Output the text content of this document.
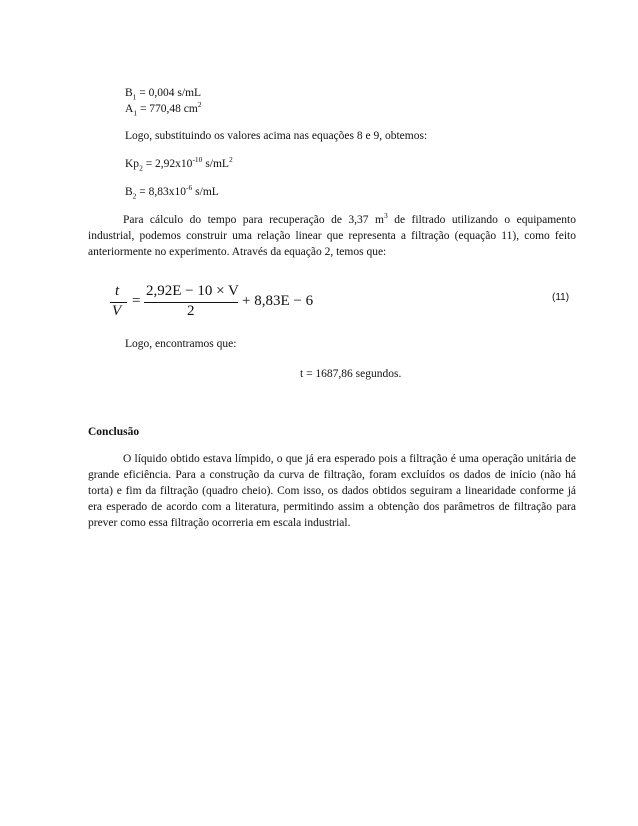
$B_1 = 0,004$ s/mL
$A_1 = 770,48$ $cm^2$
Logo, substituindo os valores acima nas equações 8 e 9, obtemos:
$Kp_2 = 2,92x10^{-10}$ $s/mL^2$
$B_2 = 8,83x10^{-6}$ s/mL
Para cálculo do tempo para recuperação de 3,37 $m^3$ de filtrado utilizando o equipamento industrial, podemos construir uma relação linear que representa a filtração (equação 11), como feito anteriormente no experimento. Através da equação 2, temos que:
t
V
=
2,92E − 10 × V
2
+ 8,83E − 6	(11)
Logo, encontramos que:
t = 1687,86 segundos.
Conclusão
O líquido obtido estava límpido, o que já era esperado pois a filtração é uma operação unitária de grande eficiência. Para a construção da curva de filtração, foram excluídos os dados de início (não há torta) e fim da filtração (quadro cheio). Com isso, os dados obtidos seguiram a linearidade conforme já era esperado de acordo com a literatura, permitindo assim a obtenção dos parâmetros de filtração para prever como essa filtração ocorreria em escala industrial.
